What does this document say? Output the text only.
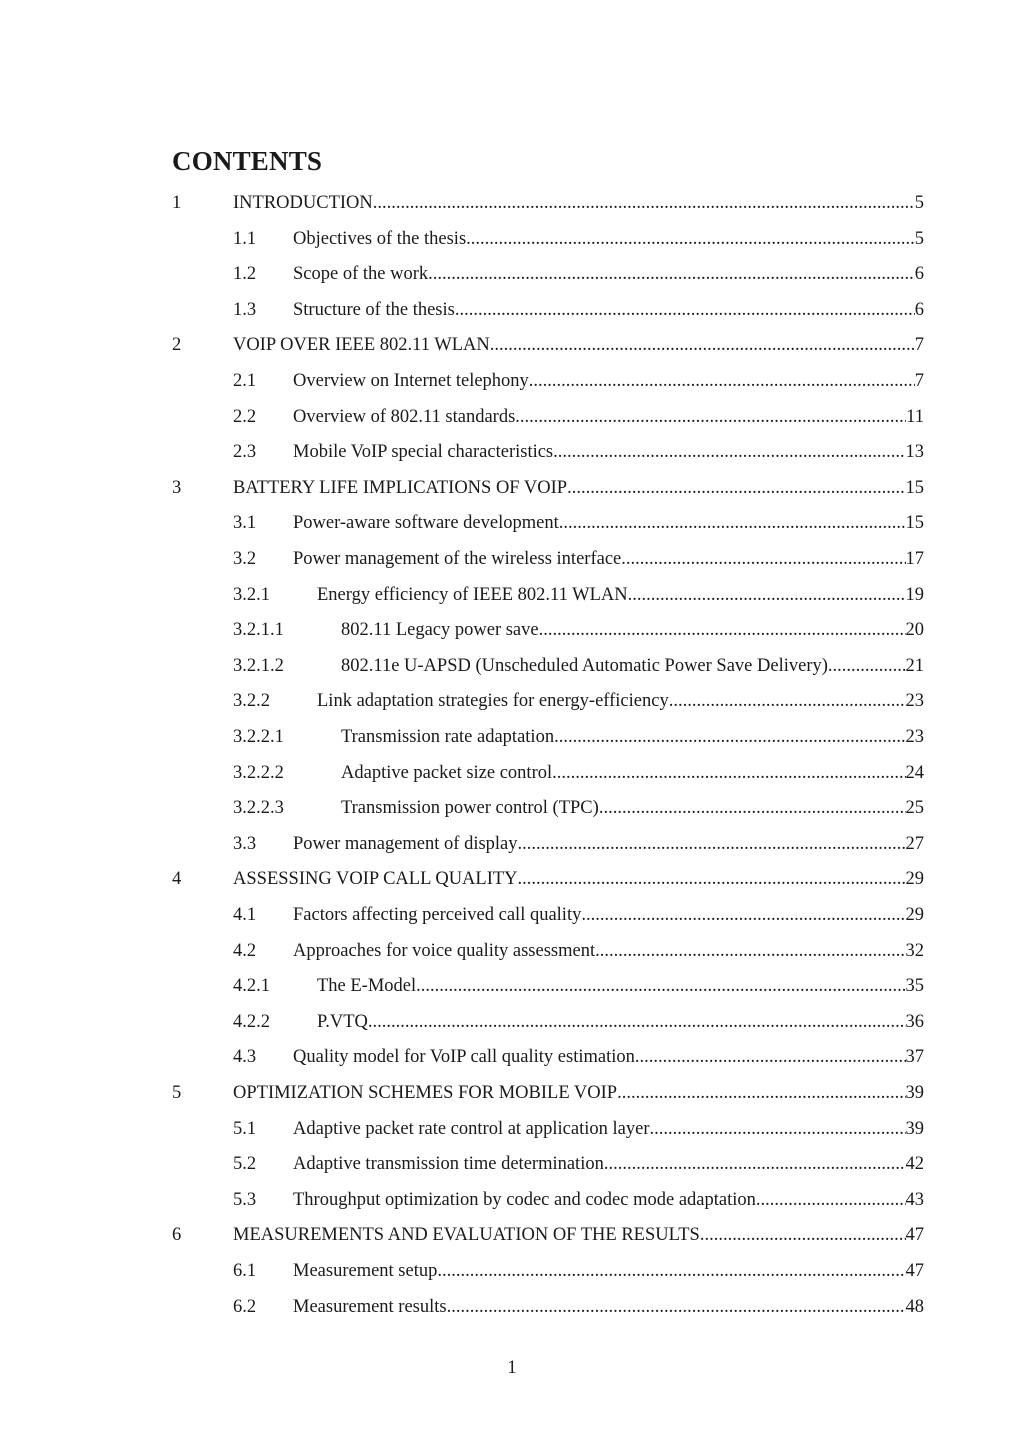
CONTENTS
1	INTRODUCTION .....	5
1.1 Objectives of the thesis .....	5
1.2 Scope of the work .....	6
1.3 Structure of the thesis .....	6
2	VOIP OVER IEEE 802.11 WLAN .....	7
2.1 Overview on Internet telephony .....	7
2.2 Overview of 802.11 standards .....	11
2.3 Mobile VoIP special characteristics .....	13
3	BATTERY LIFE IMPLICATIONS OF VOIP .....	15
3.1 Power-aware software development .....	15
3.2 Power management of the wireless interface .....	17
3.2.1	Energy efficiency of IEEE 802.11 WLAN .....	19
3.2.1.1	802.11 Legacy power save .....	20
3.2.1.2	802.11e U-APSD (Unscheduled Automatic Power Save Delivery) .....	21
3.2.2	Link adaptation strategies for energy-efficiency .....	23
3.2.2.1	Transmission rate adaptation .....	23
3.2.2.2	Adaptive packet size control .....	24
3.2.2.3	Transmission power control (TPC) .....	25
3.3 Power management of display .....	27
4	ASSESSING VOIP CALL QUALITY .....	29
4.1 Factors affecting perceived call quality .....	29
4.2 Approaches for voice quality assessment .....	32
4.2.1	The E-Model .....	35
4.2.2	P.VTQ .....	36
4.3 Quality model for VoIP call quality estimation .....	37
5	OPTIMIZATION SCHEMES FOR MOBILE VOIP .....	39
5.1 Adaptive packet rate control at application layer .....	39
5.2 Adaptive transmission time determination .....	42
5.3 Throughput optimization by codec and codec mode adaptation .....	43
6	MEASUREMENTS AND EVALUATION OF THE RESULTS .....	47
6.1 Measurement setup .....	47
6.2 Measurement results .....	48
1
